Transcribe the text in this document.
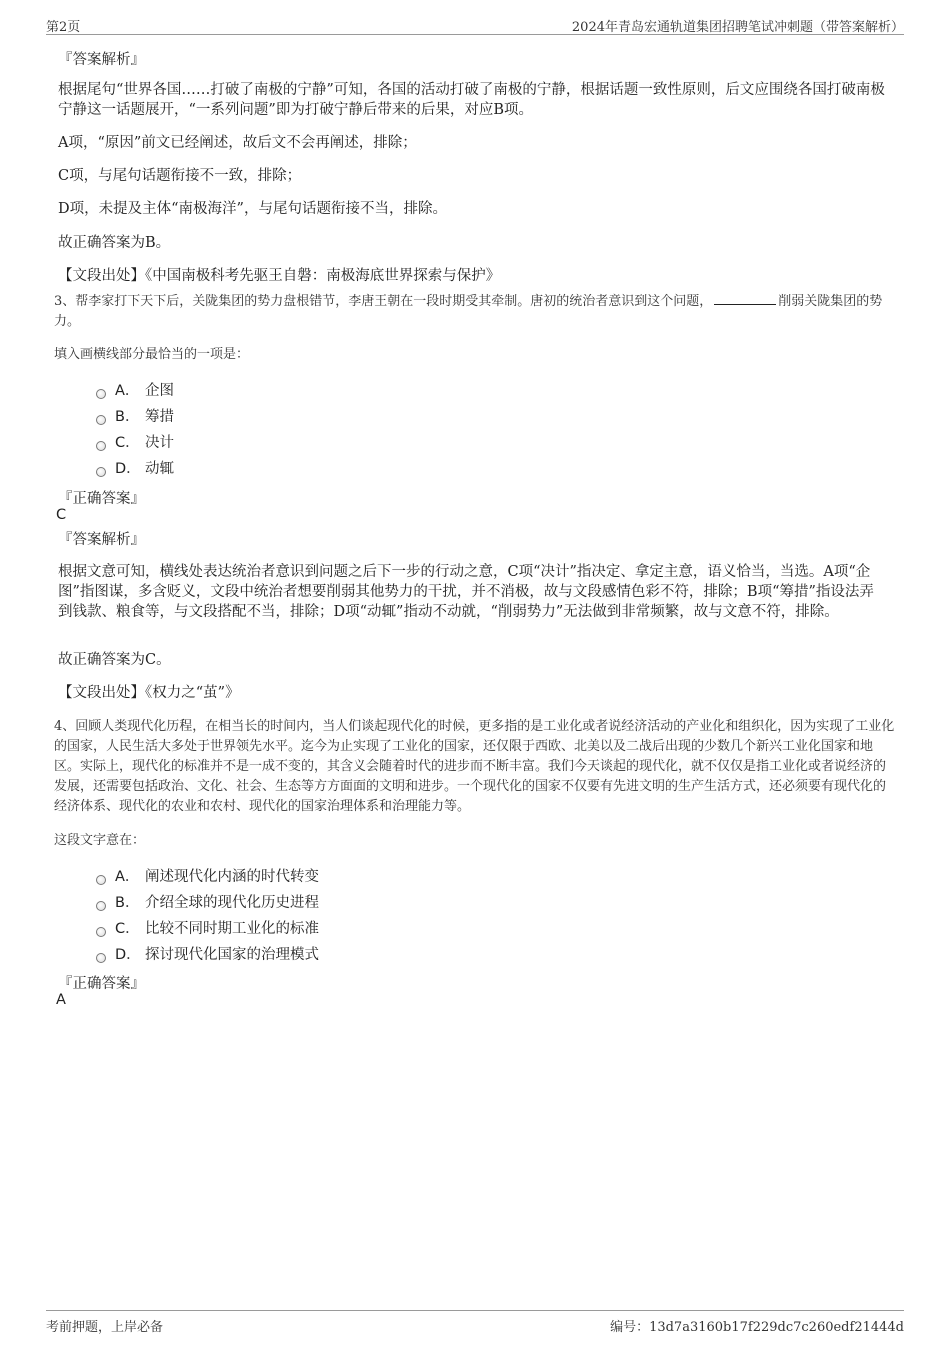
第2页	2024年青岛宏通轨道集团招聘笔试冲刺题（带答案解析）
『答案解析』
根据尾句“世界各国……打破了南极的宁静”可知，各国的活动打破了南极的宁静，根据话题一致性原则，后文应围绕各国打破南极宁静这一话题展开，“一系列问题”即为打破宁静后带来的后果，对应B项。
A项，“原因”前文已经阐述，故后文不会再阐述，排除；
C项，与尾句话题衔接不一致，排除；
D项，未提及主体“南极海洋”，与尾句话题衔接不当，排除。
故正确答案为B。
【文段出处】《中国南极科考先驱王自磐：南极海底世界探索与保护》
3、帮李家打下天下后，关陇集团的势力盘根错节，李唐王朝在一段时期受其牵制。唐初的统治者意识到这个问题，	削弱关陇集团的势力。
填入画横线部分最恰当的一项是：
A． 企图
B． 筹措
C． 决计
D． 动辄
『正确答案』
C
『答案解析』
根据文意可知，横线处表达统治者意识到问题之后下一步的行动之意，C项“决计”指决定、拿定主意，语义恰当，当选。A项“企图”指图谋，多含贬义，文段中统治者想要削弱其他势力的干扰，并不消极，故与文段感情色彩不符，排除；B项“筹措”指设法弄到钱款、粮食等，与文段搭配不当，排除；D项“动辄”指动不动就，“削弱势力”无法做到非常频繁，故与文意不符，排除。
故正确答案为C。
【文段出处】《权力之“茧”》
4、回顾人类现代化历程，在相当长的时间内，当人们谈起现代化的时候，更多指的是工业化或者说经济活动的产业化和组织化，因为实现了工业化的国家，人民生活大多处于世界领先水平。迄今为止实现了工业化的国家，还仅限于西欧、北美以及二战后出现的少数几个新兴工业化国家和地区。实际上，现代化的标准并不是一成不变的，其含义会随着时代的进步而不断丰富。我们今天谈起的现代化，就不仅仅是指工业化或者说经济的发展，还需要包括政治、文化、社会、生态等方方面面的文明和进步。一个现代化的国家不仅要有先进文明的生产生活方式，还必须要有现代化的经济体系、现代化的农业和农村、现代化的国家治理体系和治理能力等。
这段文字意在：
A． 阐述现代化内涵的时代转变
B． 介绍全球的现代化历史进程
C． 比较不同时期工业化的标准
D． 探讨现代化国家的治理模式
『正确答案』
A
考前押题，上岸必备	编号：13d7a3160b17f229dc7c260edf21444d
